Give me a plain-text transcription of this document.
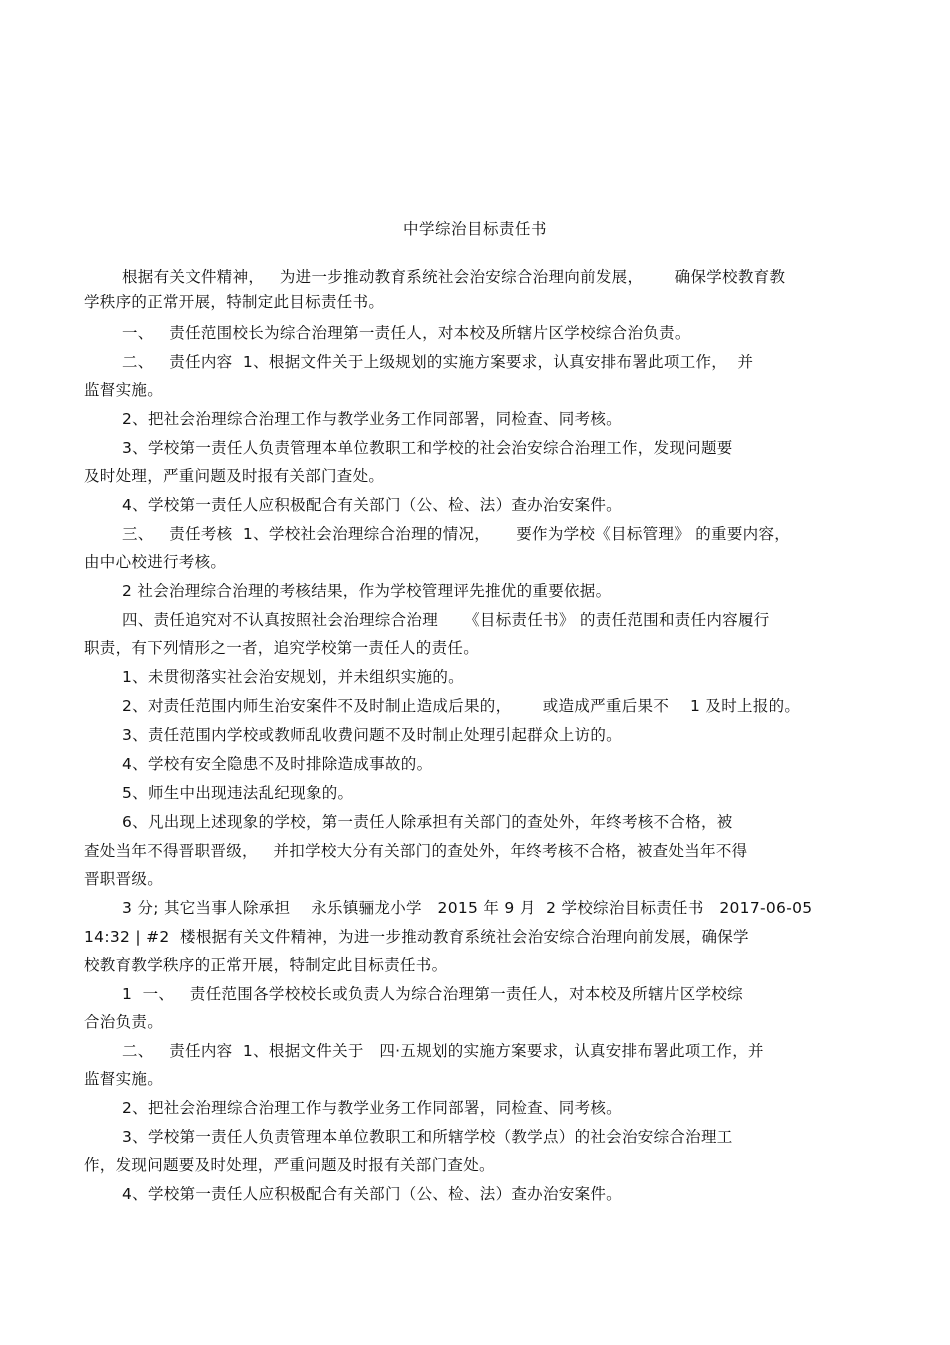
中学综治目标责任书
根据有关文件精神，   为进一步推动教育系统社会治安综合治理向前发展，      确保学校教育教
学秩序的正常开展，特制定此目标责任书。
一、   责任范围校长为综合治理第一责任人，对本校及所辖片区学校综合治负责。
二、   责任内容  1、根据文件关于上级规划的实施方案要求，认真安排布署此项工作，  并
监督实施。
2、把社会治理综合治理工作与教学业务工作同部署，同检查、同考核。
3、学校第一责任人负责管理本单位教职工和学校的社会治安综合治理工作，发现问题要
及时处理，严重问题及时报有关部门查处。
4、学校第一责任人应积极配合有关部门（公、检、法）查办治安案件。
三、   责任考核  1、学校社会治理综合治理的情况，     要作为学校《目标管理》 的重要内容，
由中心校进行考核。
2 社会治理综合治理的考核结果，作为学校管理评先推优的重要依据。
四、责任追究对不认真按照社会治理综合治理     《目标责任书》 的责任范围和责任内容履行
职责，有下列情形之一者，追究学校第一责任人的责任。
1、未贯彻落实社会治安规划，并未组织实施的。
2、对责任范围内师生治安案件不及时制止造成后果的，      或造成严重后果不    1 及时上报的。
3、责任范围内学校或教师乱收费问题不及时制止处理引起群众上访的。
4、学校有安全隐患不及时排除造成事故的。
5、师生中出现违法乱纪现象的。
6、凡出现上述现象的学校，第一责任人除承担有关部门的查处外，年终考核不合格，被
查处当年不得晋职晋级，   并扣学校大分有关部门的查处外，年终考核不合格，被查处当年不得
晋职晋级。
3 分; 其它当事人除承担    永乐镇骊龙小学   2015 年 9 月  2 学校综治目标责任书   2017-06-05
14:32 | #2  楼根据有关文件精神，为进一步推动教育系统社会治安综合治理向前发展，确保学
校教育教学秩序的正常开展，特制定此目标责任书。
1  一、   责任范围各学校校长或负责人为综合治理第一责任人，对本校及所辖片区学校综
合治负责。
二、   责任内容  1、根据文件关于   四·五规划的实施方案要求，认真安排布署此项工作，并
监督实施。
2、把社会治理综合治理工作与教学业务工作同部署，同检查、同考核。
3、学校第一责任人负责管理本单位教职工和所辖学校（教学点）的社会治安综合治理工
作，发现问题要及时处理，严重问题及时报有关部门查处。
4、学校第一责任人应积极配合有关部门（公、检、法）查办治安案件。
